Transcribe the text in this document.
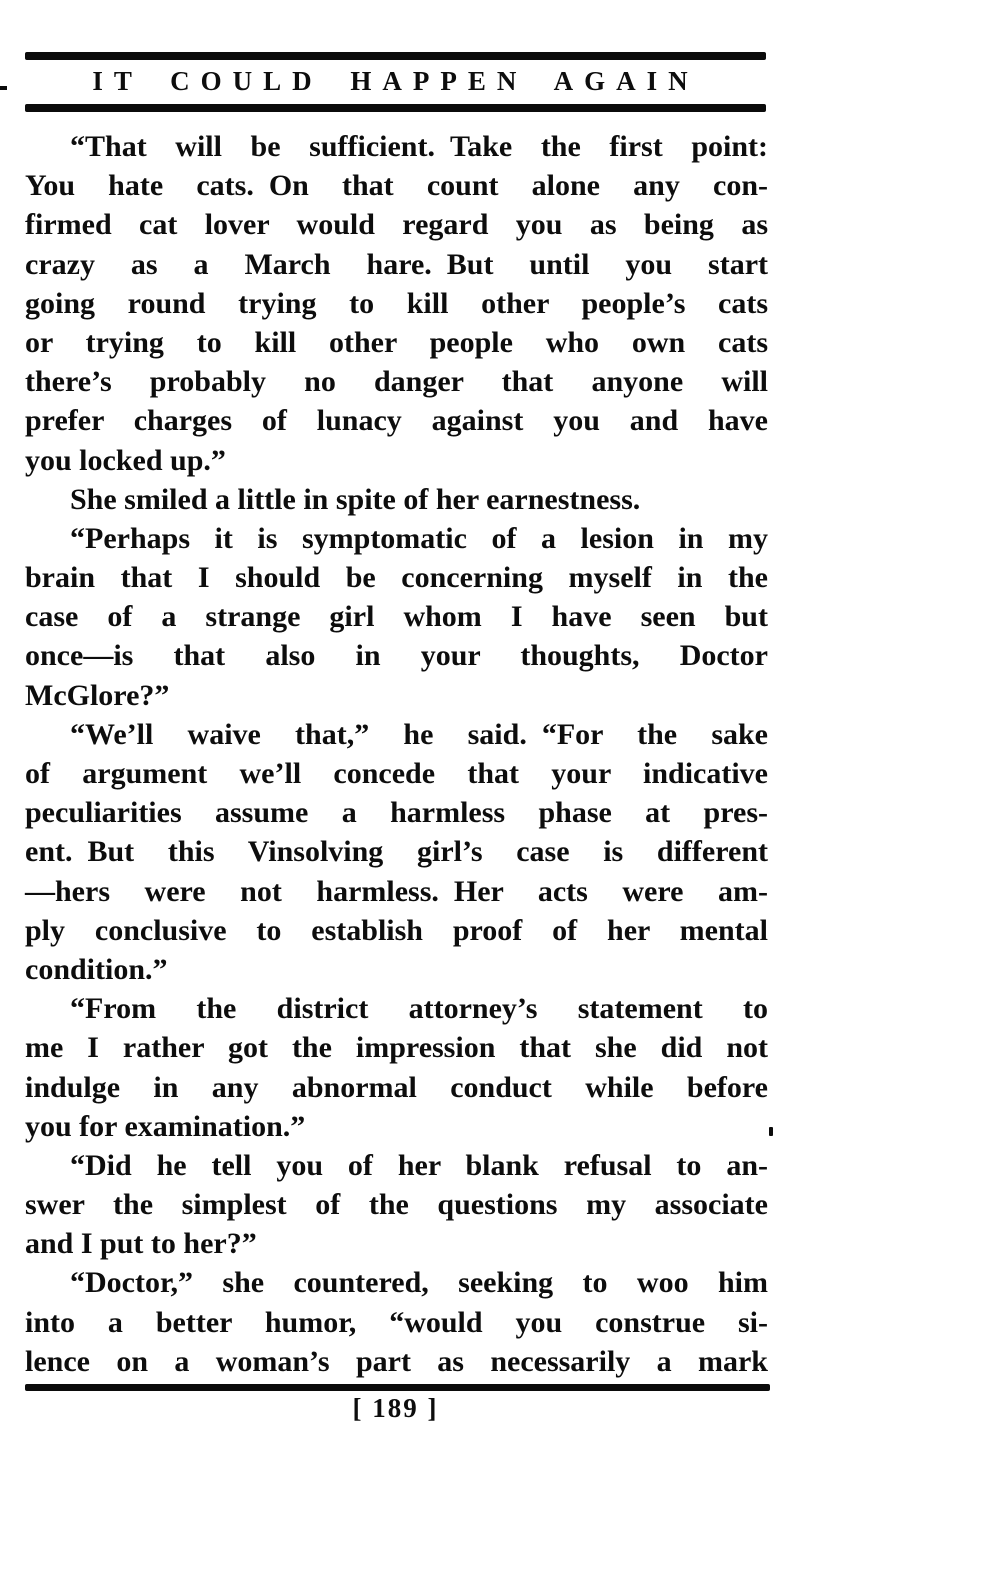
IT COULD HAPPEN AGAIN
“That will be sufficient. Take the first point:
You hate cats. On that count alone any con-
firmed cat lover would regard you as being as
crazy as a March hare. But until you start
going round trying to kill other people’s cats
or trying to kill other people who own cats
there’s probably no danger that anyone will
prefer charges of lunacy against you and have
you locked up.”
She smiled a little in spite of her earnestness.
“Perhaps it is symptomatic of a lesion in my
brain that I should be concerning myself in the
case of a strange girl whom I have seen but
once—is that also in your thoughts, Doctor
McGlore?”
“We’ll waive that,” he said. “For the sake
of argument we’ll concede that your indicative
peculiarities assume a harmless phase at pres-
ent. But this Vinsolving girl’s case is different
—hers were not harmless. Her acts were am-
ply conclusive to establish proof of her mental
condition.”
“From the district attorney’s statement to
me I rather got the impression that she did not
indulge in any abnormal conduct while before
you for examination.”
“Did he tell you of her blank refusal to an-
swer the simplest of the questions my associate
and I put to her?”
“Doctor,” she countered, seeking to woo him
into a better humor, “would you construe si-
lence on a woman’s part as necessarily a mark
[ 189 ]
